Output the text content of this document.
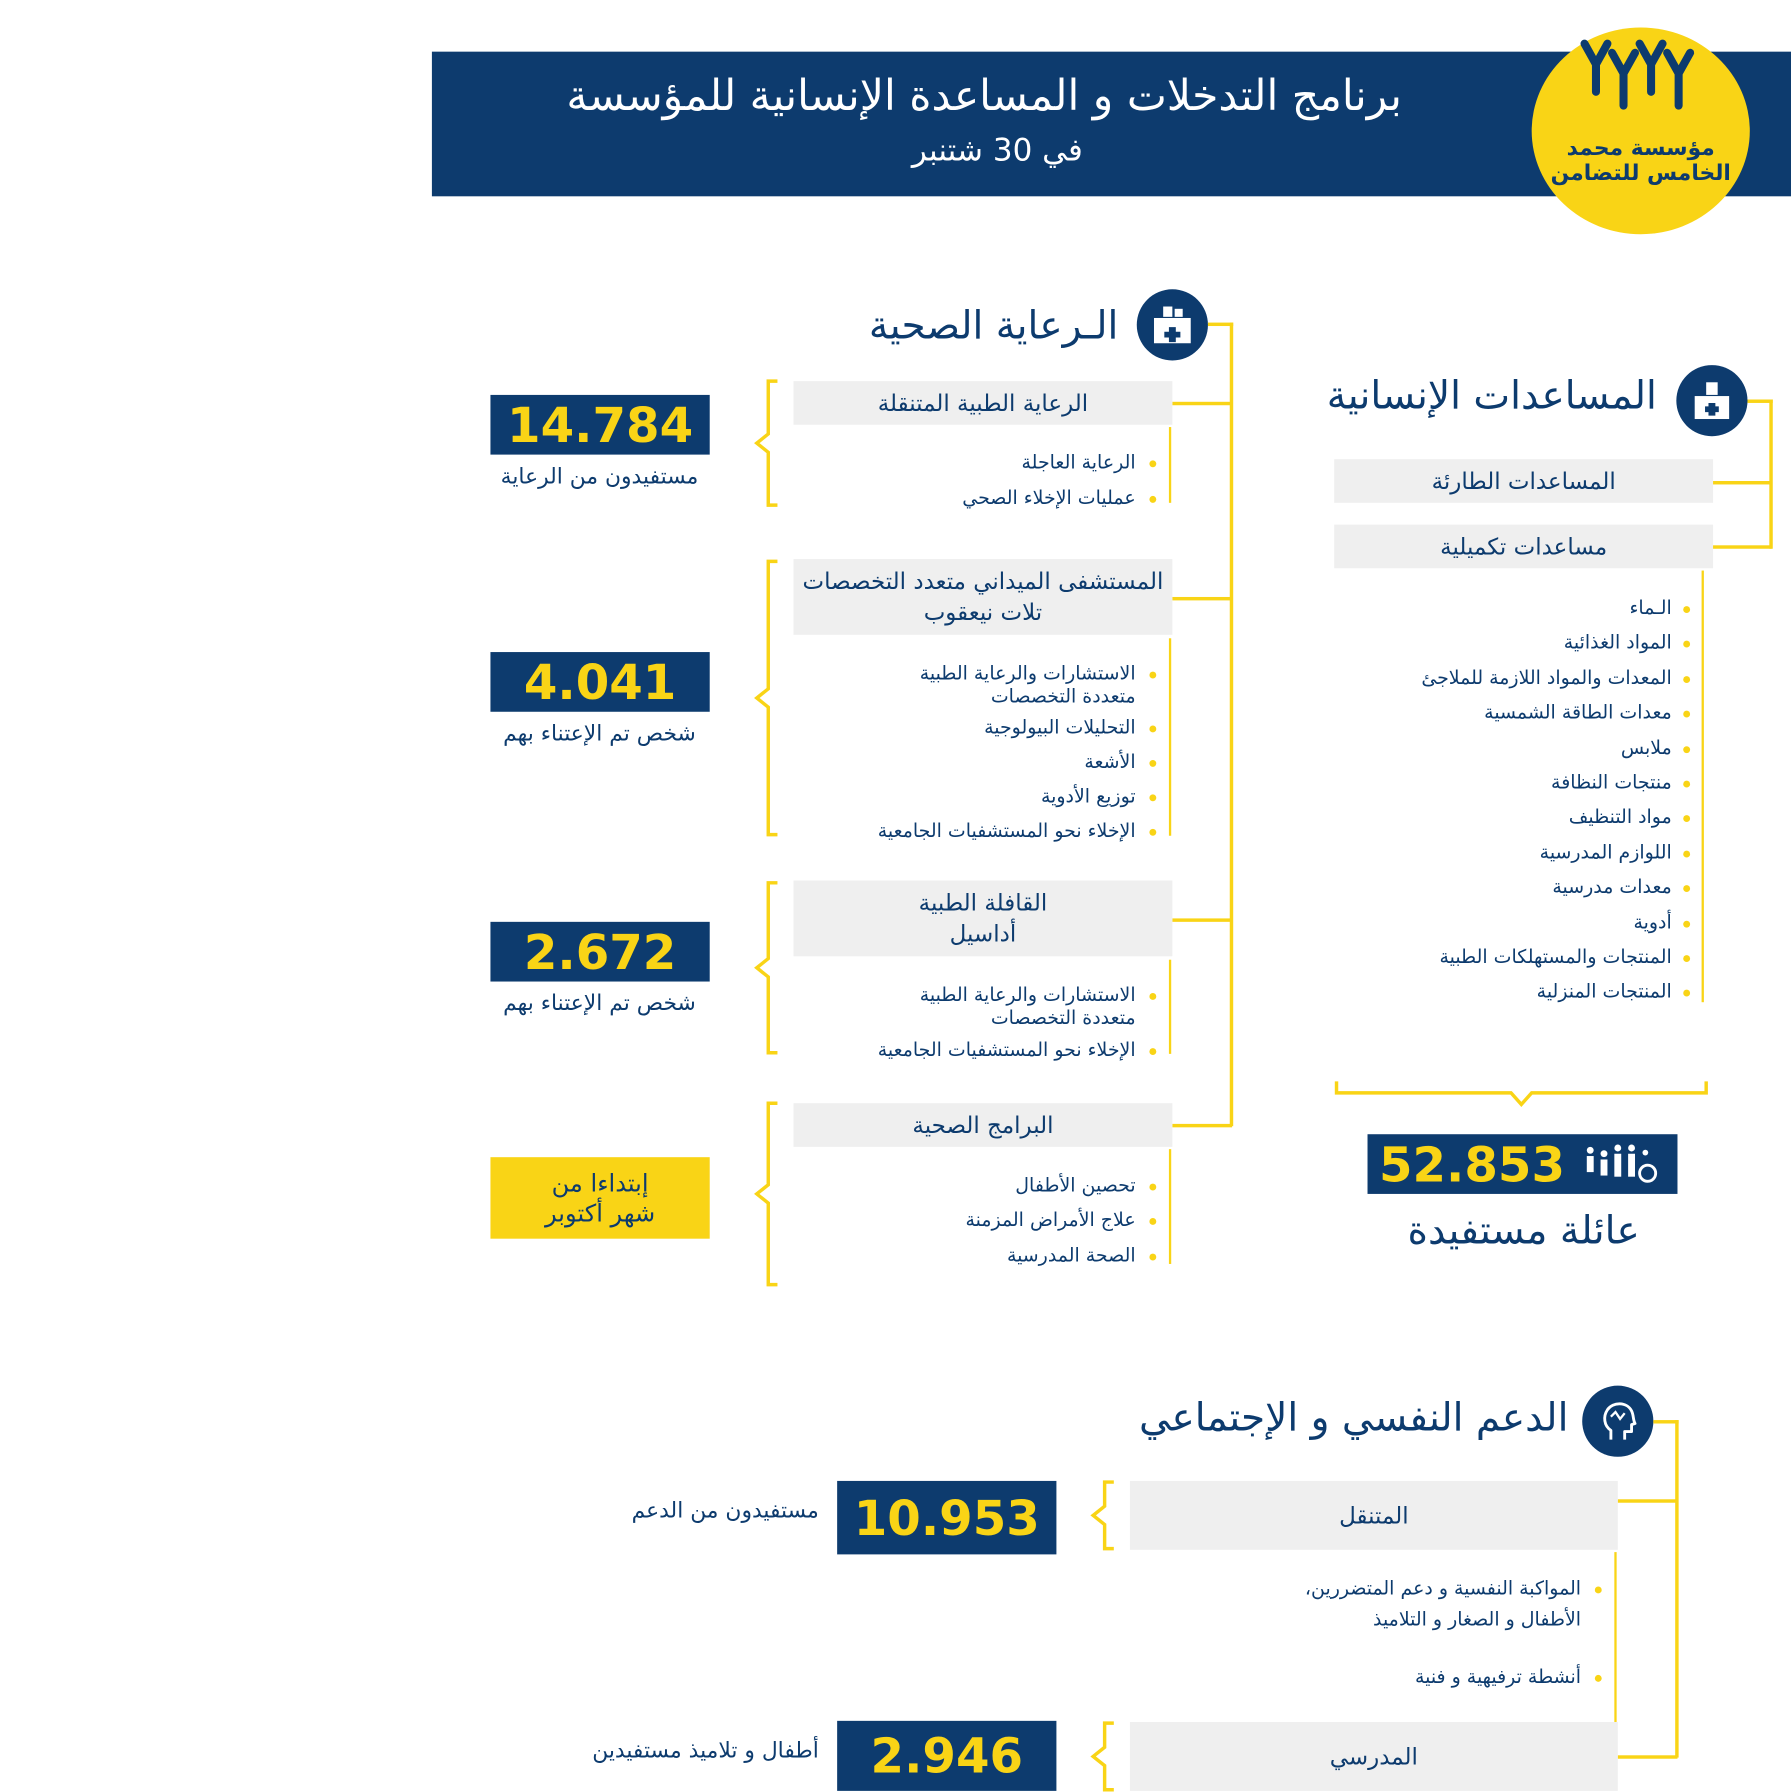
برنامج التدخلات و المساعدة الإنسانية للمؤسسة
في 30 شتنبر	مؤسسة محمد الخامس للتضامن
الـرعاية الصحية
الرعاية الطبية المتنقلة
الرعاية العاجلة
عمليات الإخلاء الصحي
14.784
مستفيدون من الرعاية
المستشفى الميداني متعدد التخصصات
تلات نيعقوب
الاستشارات والرعاية الطبية
متعددة التخصصات
التحليلات البيولوجية
الأشعة
توزيع الأدوية
الإخلاء نحو المستشفيات الجامعية
4.041
شخص تم الإعتناء بهم
القافلة الطبية
أداسيل
الاستشارات والرعاية الطبية
متعددة التخصصات
الإخلاء نحو المستشفيات الجامعية
2.672
شخص تم الإعتناء بهم
البرامج الصحية
تحصين الأطفال
علاج الأمراض المزمنة
الصحة المدرسية
إبتداءا من
شهر أكتوبر
المساعدات الإنسانية
المساعدات الطارئة
مساعدات تكميلية
52.853
عائلة مستفيدة
الدعم النفسي و الإجتماعي
المتنقل
المواكبة النفسية و دعم المتضررين،
الأطفال و الصغار و التلاميذ
أنشطة ترفيهية و فنية
10.953
مستفيدون من الدعم
المدرسي
2.946
أطفال و تلاميذ مستفيدين
الـماء
المواد الغذائية
المعدات والمواد اللازمة للملاجئ
معدات الطاقة الشمسية
ملابس
منتجات النظافة
مواد التنظيف
اللوازم المدرسية
معدات مدرسية
أدوية
المنتجات والمستهلكات الطبية
المنتجات المنزلية
